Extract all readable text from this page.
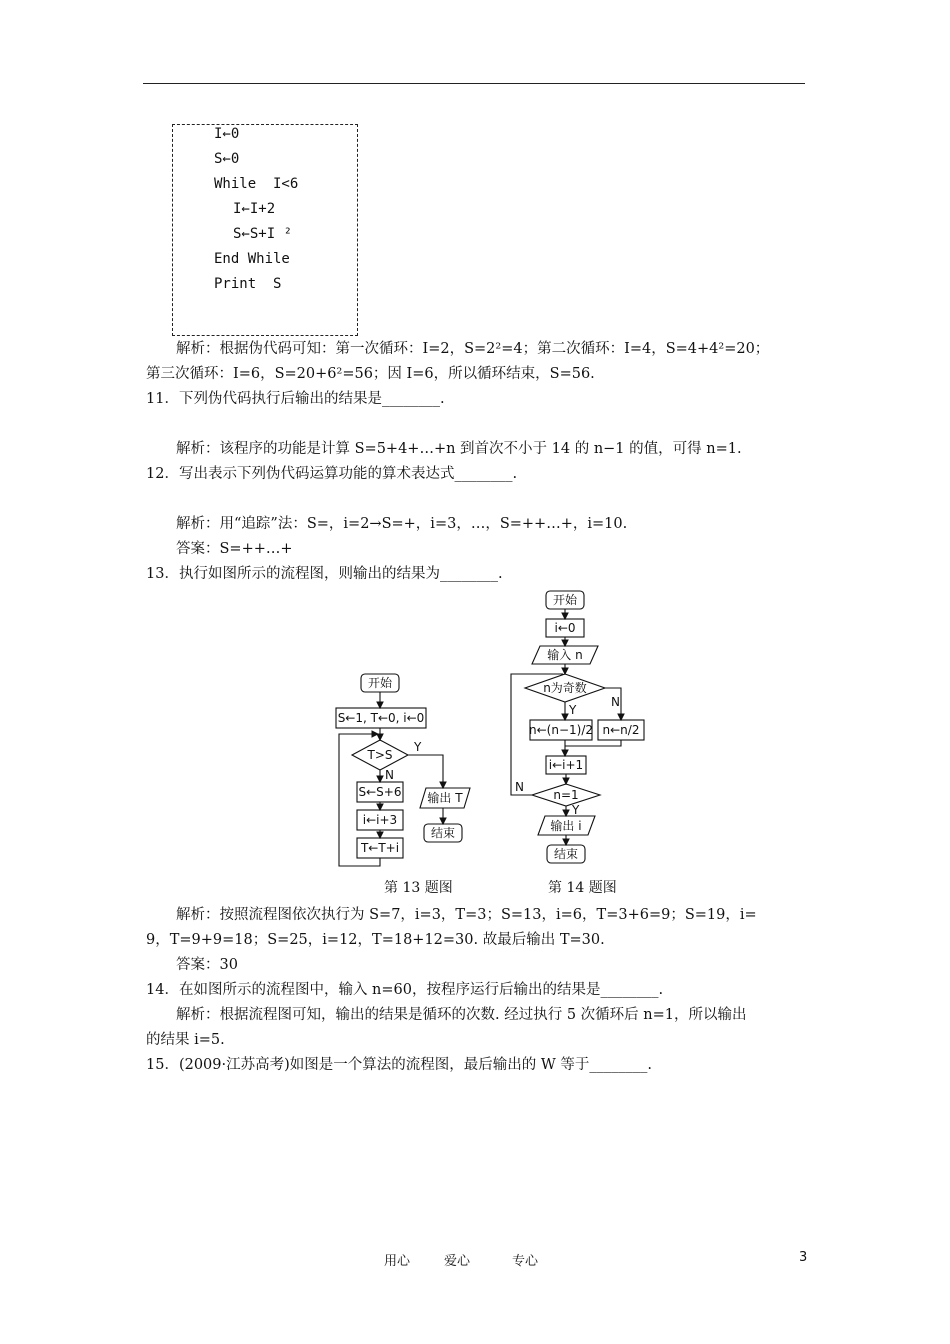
I←0
S←0
While  I<6
I←I+2
S←S+I ²
End While
Print  S
解析：根据伪代码可知：第一次循环：I=2，S=2²=4；第二次循环：I=4，S=4+4²=20；
第三次循环：I=6，S=20+6²=56；因 I=6，所以循环结束，S=56.
11．下列伪代码执行后输出的结果是________.
解析：该程序的功能是计算 S=5+4+…+n 到首次不小于 14 的 n−1 的值，可得 n=1.
12．写出表示下列伪代码运算功能的算术表达式________.
解析：用“追踪”法：S=，i=2→S=+，i=3，…，S=++…+，i=10.
答案：S=++…+
13．执行如图所示的流程图，则输出的结果为________.
开始
S←1, T←0, i←0
T>S
Y
N
S←S+6
i←i+3
T←T+i
输出 T
结束
开始
i←0
输入 n
n为奇数
Y
N
n←(n−1)/2 n←n/2
i←i+1
n=1
Y
N
输出 i
结束
第 13 题图	第 14 题图
解析：按照流程图依次执行为 S=7，i=3，T=3；S=13，i=6，T=3+6=9；S=19，i=
9，T=9+9=18；S=25，i=12，T=18+12=30. 故最后输出 T=30.
答案：30
14．在如图所示的流程图中，输入 n=60，按程序运行后输出的结果是________.
解析：根据流程图可知，输出的结果是循环的次数. 经过执行 5 次循环后 n=1，所以输出
的结果 i=5.
15．(2009·江苏高考)如图是一个算法的流程图，最后输出的 W 等于________.
用心	爱心	专心	3
